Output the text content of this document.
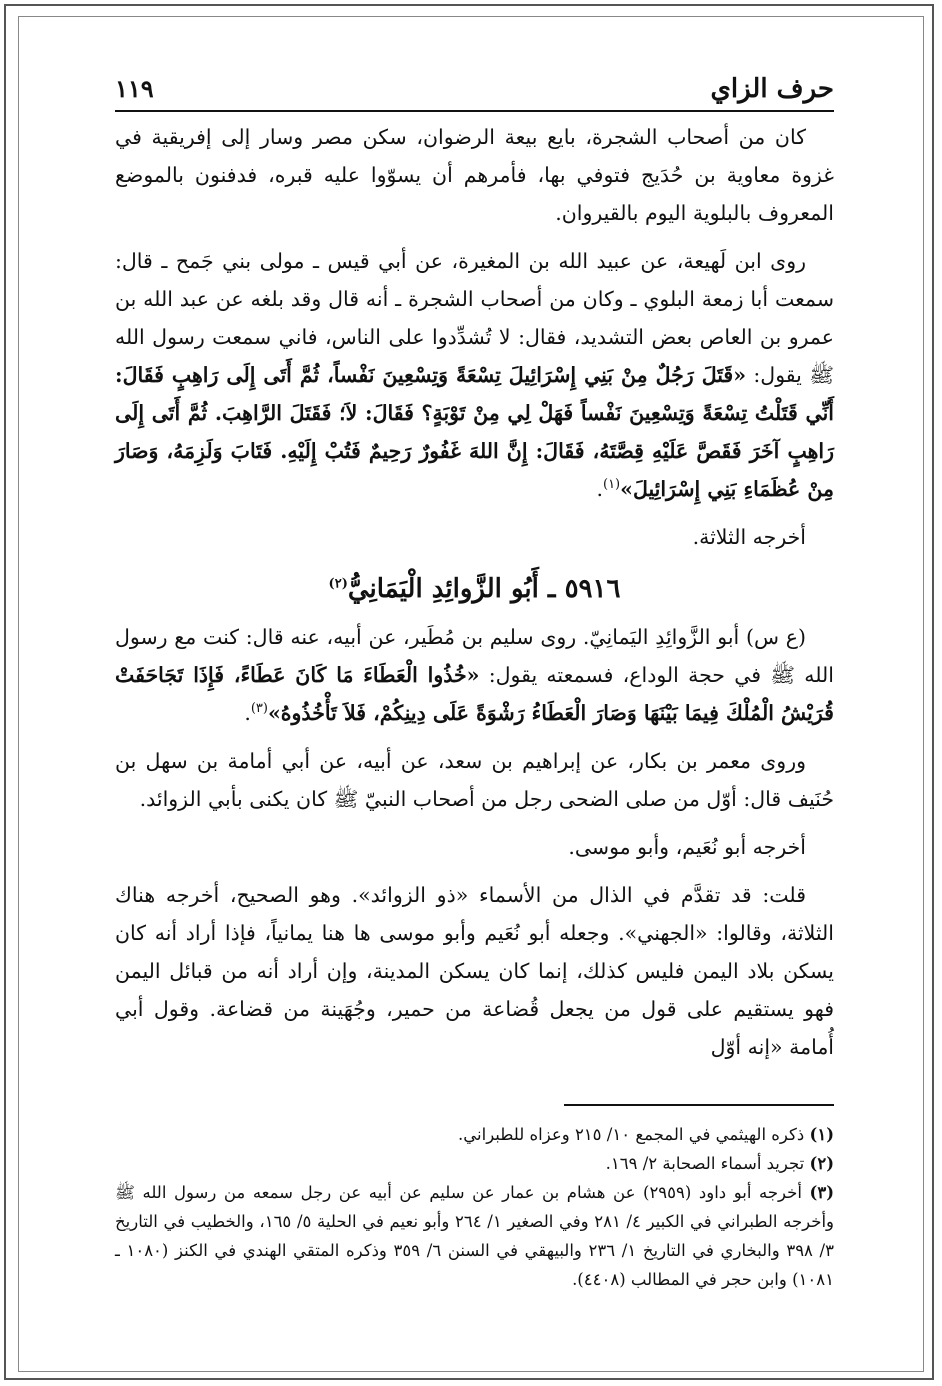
حرف الزاي
١١٩

كان من أصحاب الشجرة، بايع بيعة الرضوان، سكن مصر وسار إلى إفريقية في غزوة معاوية بن حُدَيج فتوفي بها، فأمرهم أن يسوّوا عليه قبره، فدفنون بالموضع المعروف بالبلوية اليوم بالقيروان.

روى ابن لَهيعة، عن عبيد الله بن المغيرة، عن أبي قيس ـ مولى بني جَمح ـ قال: سمعت أبا زمعة البلوي ـ وكان من أصحاب الشجرة ـ أنه قال وقد بلغه عن عبد الله بن عمرو بن العاص بعض التشديد، فقال: لا تُشدِّدوا على الناس، فاني سمعت رسول الله ﷺ يقول: «قَتَلَ رَجُلٌ مِنْ بَنِي إِسْرَائِيلَ تِسْعَةً وَتِسْعِينَ نَفْساً، ثُمَّ أَتَى إِلَى رَاهِبٍ فَقَالَ: أَنِّي قَتَلْتُ تِسْعَةً وَتِسْعِينَ نَفْساً فَهَلْ لِي مِنْ تَوْبَةٍ؟ فَقَالَ: لاَ؛ فَقَتَلَ الرَّاهِبَ. ثُمَّ أَتَى إِلَى رَاهِبٍ آخَرَ فَقَصَّ عَلَيْهِ قِصَّتَهُ، فَقَالَ: إِنَّ اللهَ غَفُورٌ رَحِيمٌ فَتُبْ إِلَيْهِ. فَتَابَ وَلَزِمَهُ، وَصَارَ مِنْ عُظَمَاءِ بَنِي إِسْرَائِيلَ»$^{(١)}$.

أخرجه الثلاثة.

٥٩١٦ ـ أَبُو الزَّوائِدِ الْيَمَانِيُّ$^{(٢)}$

(ع س) أبو الزَّوائِدِ اليَمانِيّ. روى سليم بن مُطَير، عن أبيه، عنه قال: كنت مع رسول الله ﷺ في حجة الوداع، فسمعته يقول: «خُذُوا الْعَطَاءَ مَا كَانَ عَطَاءً، فَإِذَا تَجَاحَفَتْ قُرَيْشُ الْمُلْكَ فِيمَا بَيْنَهَا وَصَارَ الْعَطَاءُ رَشْوَةً عَلَى دِينِكُمْ، فَلاَ تَأْخُذُوهُ»$^{(٣)}$.

وروى معمر بن بكار، عن إبراهيم بن سعد، عن أبيه، عن أبي أمامة بن سهل بن حُنَيف قال: أوّل من صلى الضحى رجل من أصحاب النبيّ ﷺ كان يكنى بأبي الزوائد.

أخرجه أبو نُعَيم، وأبو موسى.

قلت: قد تقدَّم في الذال من الأسماء «ذو الزوائد». وهو الصحيح، أخرجه هناك الثلاثة، وقالوا: «الجهني». وجعله أبو نُعَيم وأبو موسى ها هنا يمانياً، فإذا أراد أنه كان يسكن بلاد اليمن فليس كذلك، إنما كان يسكن المدينة، وإن أراد أنه من قبائل اليمن فهو يستقيم على قول من يجعل قُضاعة من حمير، وجُهَينة من قضاعة. وقول أبي أُمامة «إنه أوّل

(١) ذكره الهيثمي في المجمع ١٠/ ٢١٥ وعزاه للطبراني.
(٢) تجريد أسماء الصحابة ٢/ ١٦٩.
(٣) أخرجه أبو داود (٢٩٥٩) عن هشام بن عمار عن سليم عن أبيه عن رجل سمعه من رسول الله ﷺ وأخرجه الطبراني في الكبير ٤/ ٢٨١ وفي الصغير ١/ ٢٦٤ وأبو نعيم في الحلية ٥/ ١٦٥، والخطيب في التاريخ ٣/ ٣٩٨ والبخاري في التاريخ ١/ ٢٣٦ والبيهقي في السنن ٦/ ٣٥٩ وذكره المتقي الهندي في الكنز (١٠٨٠ ـ ١٠٨١) وابن حجر في المطالب (٤٤٠٨).
